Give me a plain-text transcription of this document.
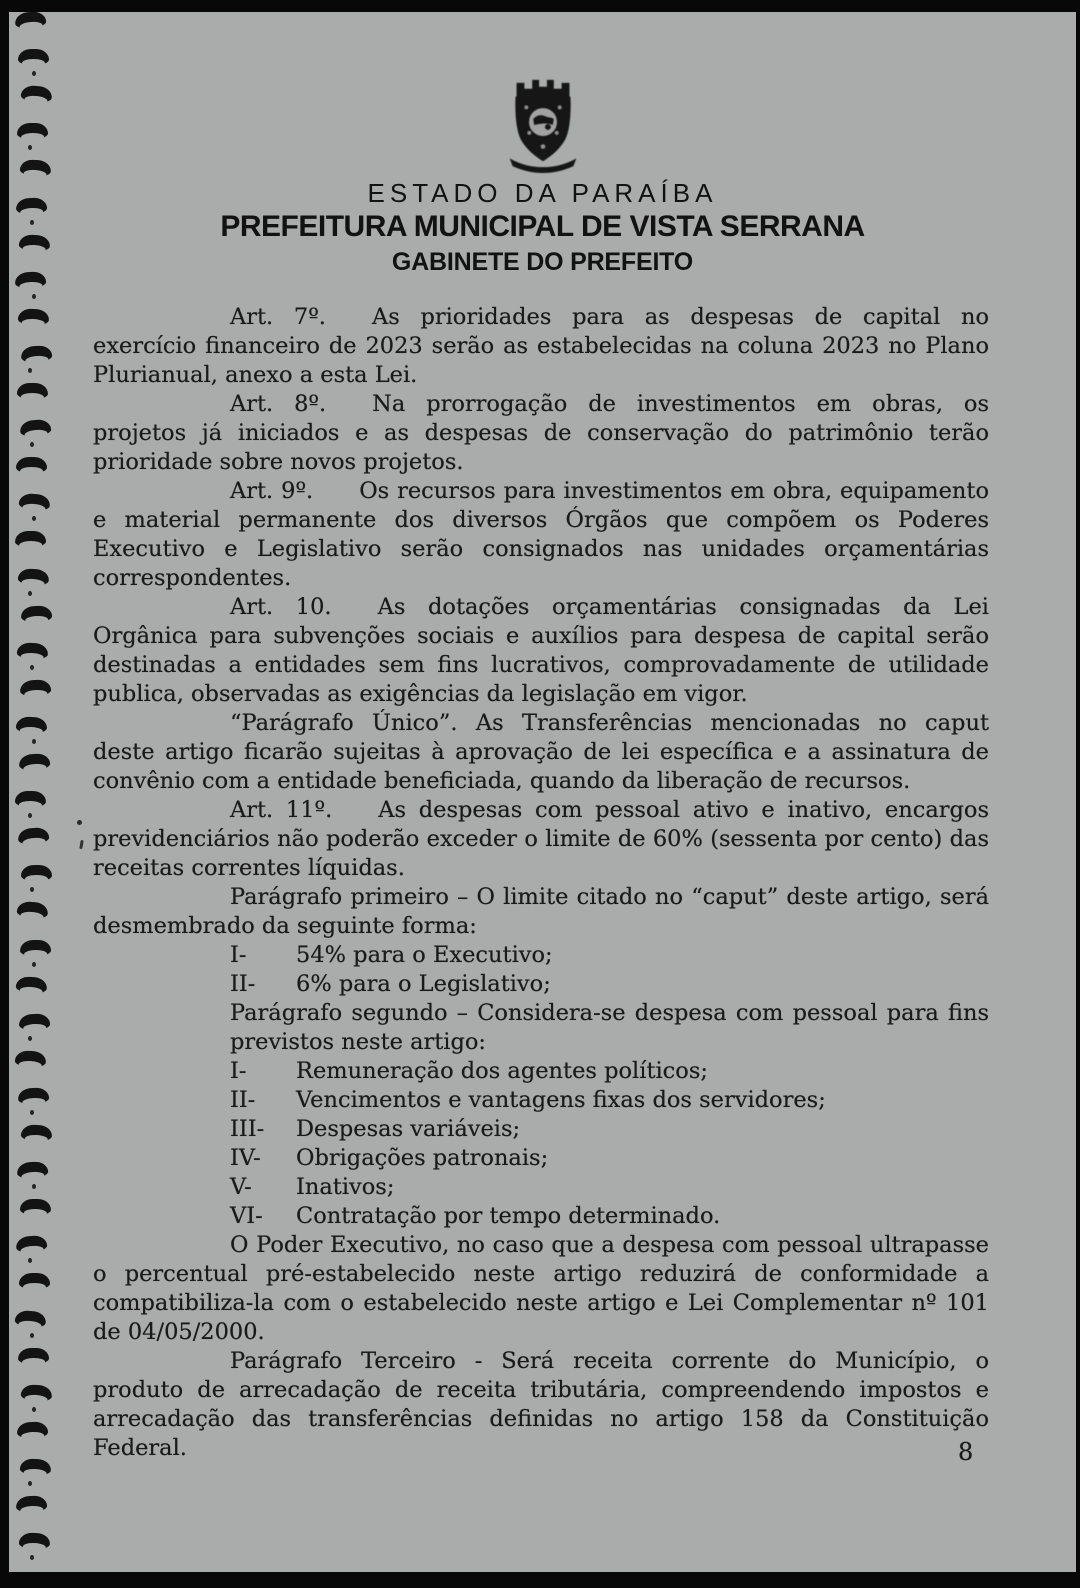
ESTADO DA PARAÍBA
PREFEITURA MUNICIPAL DE VISTA SERRANA
GABINETE DO PREFEITO

Art. 7º. As prioridades para as despesas de capital no exercício financeiro de 2023 serão as estabelecidas na coluna 2023 no Plano Plurianual, anexo a esta Lei.

Art. 8º. Na prorrogação de investimentos em obras, os projetos já iniciados e as despesas de conservação do patrimônio terão prioridade sobre novos projetos.

Art. 9º. Os recursos para investimentos em obra, equipamento e material permanente dos diversos Órgãos que compõem os Poderes Executivo e Legislativo serão consignados nas unidades orçamentárias correspondentes.

Art. 10. As dotações orçamentárias consignadas da Lei Orgânica para subvenções sociais e auxílios para despesa de capital serão destinadas a entidades sem fins lucrativos, comprovadamente de utilidade publica, observadas as exigências da legislação em vigor.

“Parágrafo Único”. As Transferências mencionadas no caput deste artigo ficarão sujeitas à aprovação de lei específica e a assinatura de convênio com a entidade beneficiada, quando da liberação de recursos.

Art. 11º. As despesas com pessoal ativo e inativo, encargos previdenciários não poderão exceder o limite de 60% (sessenta por cento) das receitas correntes líquidas.

Parágrafo primeiro – O limite citado no “caput” deste artigo, será desmembrado da seguinte forma:

I- 54% para o Executivo;
II- 6% para o Legislativo;

Parágrafo segundo – Considera-se despesa com pessoal para fins previstos neste artigo:

I- Remuneração dos agentes políticos;
II- Vencimentos e vantagens fixas dos servidores;
III- Despesas variáveis;
IV- Obrigações patronais;
V- Inativos;
VI- Contratação por tempo determinado.

O Poder Executivo, no caso que a despesa com pessoal ultrapasse o percentual pré-estabelecido neste artigo reduzirá de conformidade a compatibiliza-la com o estabelecido neste artigo e Lei Complementar nº 101 de 04/05/2000.

Parágrafo Terceiro - Será receita corrente do Município, o produto de arrecadação de receita tributária, compreendendo impostos e arrecadação das transferências definidas no artigo 158 da Constituição Federal.	8
